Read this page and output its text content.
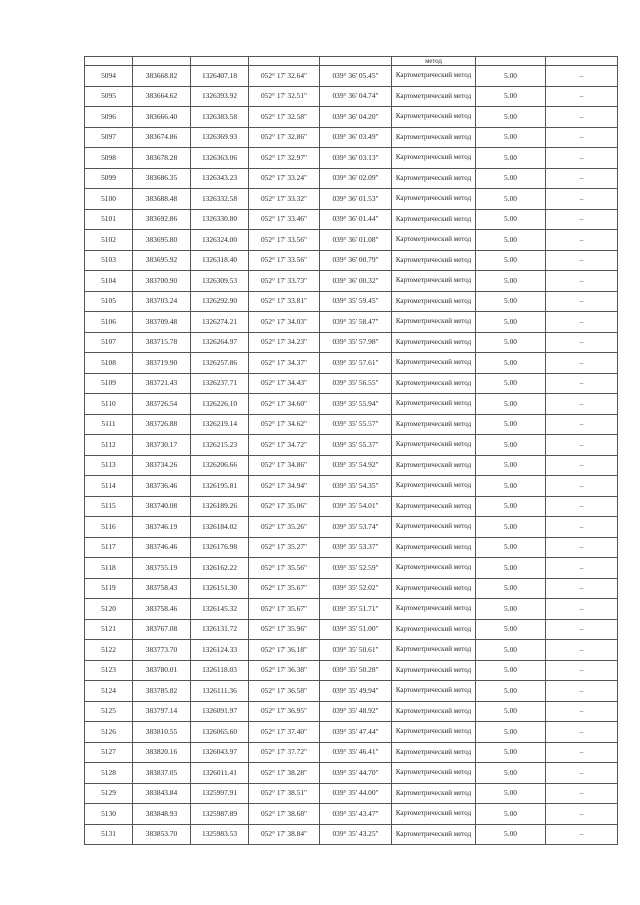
					метод		
5094	383668.82	1326407.18	052° 17' 32.64"	039° 36' 05.45"	Картометрический метод	5.00	–
5095	383664.62	1326393.92	052° 17' 32.51"	039° 36' 04.74"	Картометрический метод	5.00	–
5096	383666.40	1326383.58	052° 17' 32.58"	039° 36' 04.20"	Картометрический метод	5.00	–
5097	383674.86	1326369.93	052° 17' 32.86"	039° 36' 03.49"	Картометрический метод	5.00	–
5098	383678.28	1326363.06	052° 17' 32.97"	039° 36' 03.13"	Картометрический метод	5.00	–
5099	383686.35	1326343.23	052° 17' 33.24"	039° 36' 02.09"	Картометрический метод	5.00	–
5100	383688.48	1326332.58	052° 17' 33.32"	039° 36' 01.53"	Картометрический метод	5.00	–
5101	383692.86	1326330.80	052° 17' 33.46"	039° 36' 01.44"	Картометрический метод	5.00	–
5102	383695.80	1326324.00	052° 17' 33.56"	039° 36' 01.08"	Картометрический метод	5.00	–
5103	383695.92	1326318.40	052° 17' 33.56"	039° 36' 00.79"	Картометрический метод	5.00	–
5104	383700.90	1326309.53	052° 17' 33.73"	039° 36' 00.32"	Картометрический метод	5.00	–
5105	383703.24	1326292.90	052° 17' 33.81"	039° 35' 59.45"	Картометрический метод	5.00	–
5106	383709.48	1326274.21	052° 17' 34.03"	039° 35' 58.47"	Картометрический метод	5.00	–
5107	383715.78	1326264.97	052° 17' 34.23"	039° 35' 57.98"	Картометрический метод	5.00	–
5108	383719.90	1326257.86	052° 17' 34.37"	039° 35' 57.61"	Картометрический метод	5.00	–
5109	383721.43	1326237.71	052° 17' 34.43"	039° 35' 56.55"	Картометрический метод	5.00	–
5110	383726.54	1326226.10	052° 17' 34.60"	039° 35' 55.94"	Картометрический метод	5.00	–
5111	383726.88	1326219.14	052° 17' 34.62"	039° 35' 55.57"	Картометрический метод	5.00	–
5112	383730.17	1326215.23	052° 17' 34.72"	039° 35' 55.37"	Картометрический метод	5.00	–
5113	383734.26	1326206.66	052° 17' 34.86"	039° 35' 54.92"	Картометрический метод	5.00	–
5114	383736.46	1326195.81	052° 17' 34.94"	039° 35' 54.35"	Картометрический метод	5.00	–
5115	383740.08	1326189.26	052° 17' 35.06"	039° 35' 54.01"	Картометрический метод	5.00	–
5116	383746.19	1326184.02	052° 17' 35.26"	039° 35' 53.74"	Картометрический метод	5.00	–
5117	383746.46	1326176.98	052° 17' 35.27"	039° 35' 53.37"	Картометрический метод	5.00	–
5118	383755.19	1326162.22	052° 17' 35.56"	039° 35' 52.59"	Картометрический метод	5.00	–
5119	383758.43	1326151.30	052° 17' 35.67"	039° 35' 52.02"	Картометрический метод	5.00	–
5120	383758.46	1326145.32	052° 17' 35.67"	039° 35' 51.71"	Картометрический метод	5.00	–
5121	383767.08	1326131.72	052° 17' 35.96"	039° 35' 51.00"	Картометрический метод	5.00	–
5122	383773.70	1326124.33	052° 17' 36.18"	039° 35' 50.61"	Картометрический метод	5.00	–
5123	383780.01	1326118.03	052° 17' 36.38"	039° 35' 50.28"	Картометрический метод	5.00	–
5124	383785.82	1326111.36	052° 17' 36.58"	039° 35' 49.94"	Картометрический метод	5.00	–
5125	383797.14	1326091.97	052° 17' 36.95"	039° 35' 48.92"	Картометрический метод	5.00	–
5126	383810.55	1326065.60	052° 17' 37.40"	039° 35' 47.44"	Картометрический метод	5.00	–
5127	383820.16	1326043.97	052° 17' 37.72"	039° 35' 46.41"	Картометрический метод	5.00	–
5128	383837.05	1326011.41	052° 17' 38.28"	039° 35' 44.70"	Картометрический метод	5.00	–
5129	383843.84	1325997.91	052° 17' 38.51"	039° 35' 44.00"	Картометрический метод	5.00	–
5130	383848.93	1325987.89	052° 17' 38.68"	039° 35' 43.47"	Картометрический метод	5.00	–
5131	383853.70	1325983.53	052° 17' 38.84"	039° 35' 43.25"	Картометрический метод	5.00	–
